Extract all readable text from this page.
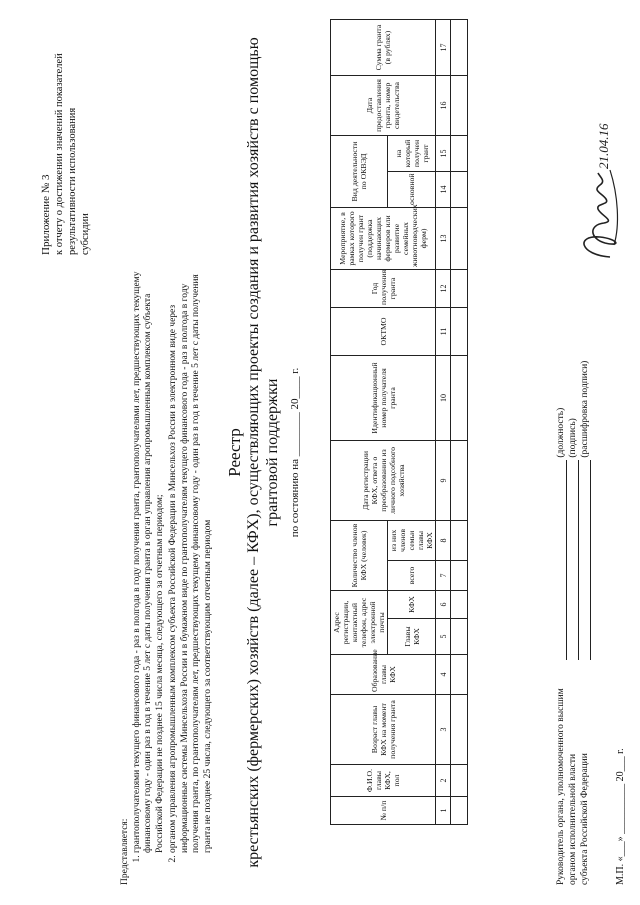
Приложение № 3 к отчету о достижении значений показателей результативности использования субсидии
Представляется: 1. грантополучателями текущего финансового года - раз в полгода в году получения гранта, грантополучателями лет, предшествующих текущему финансовому году - один раз в год в течение 5 лет с даты получения гранта в орган управления агропромышленным комплексом субъекта Российской Федерации не позднее 15 числа месяца, следующего за отчетным периодом; 2. органом управления агропромышленным комплексом субъекта Российской Федерации в Минсельхоз России в электронном виде через информационные системы Минсельхоза России и в бумажном виде по грантополучателям текущего финансового года - раз в полгода в году получения гранта, по грантополучателям лет, предшествующих текущему финансовому году - один раз в год в течение 5 лет с даты получения гранта не позднее 25 числа, следующего за соответствующим отчетным периодом
Реестр крестьянских (фермерских) хозяйств (далее – КФХ), осуществляющих проекты создания и развития хозяйств с помощью грантовой поддержки по состоянию на ________ 20____ г.
№ п/п	Ф.И.О. главы КФХ, пол	Возраст главы КФХ на момент получения гранта	Образование главы КФХ	Адрес регистрации, контактный телефон, адрес электронной почты		Количество членов КФХ (человек)		Дата регистрации КФХ, ответа о преобразовании из личного подсобного хозяйства	Идентификационный номер получателя гранта	ОКТМО	Год получения гранта	Мероприятие, в рамках которого получен грант (поддержка начинающих фермеров или развитие семейных животноводческих ферм)	Вид деятельности по ОКВЭД		Дата предоставления гранта, номер свидетельства	Сумма гранта (в рублях)
				Главы КФХ	КФХ	всего	из них членов семьи главы КФХ						основной	на который получен грант		
1	2	3	4	5	6	7	8	9	10	11	12	13	14	15	16	17

Руководитель органа, уполномоченного высшим

(должность)
органом исполнительной власти

(подпись)
субъекта Российской Федерации

(расшифровка подписи)
М.П. «___» __________ 20___ г.
21.04.16
